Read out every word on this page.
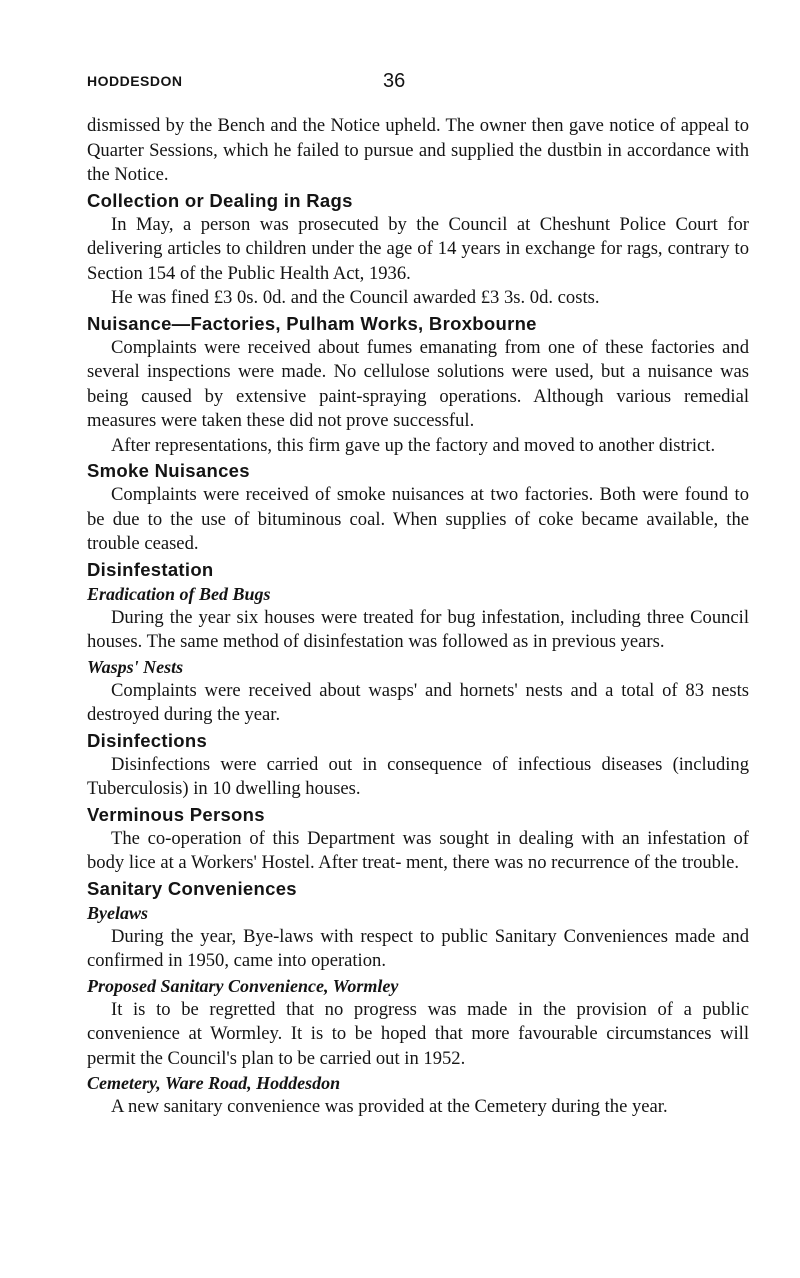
HODDESDON	36

dismissed by the Bench and the Notice upheld. The owner then gave notice of appeal to Quarter Sessions, which he failed to pursue and supplied the dustbin in accordance with the Notice.

Collection or Dealing in Rags

In May, a person was prosecuted by the Council at Cheshunt Police Court for delivering articles to children under the age of 14 years in exchange for rags, contrary to Section 154 of the Public Health Act, 1936.

He was fined £3 0s. 0d. and the Council awarded £3 3s. 0d. costs.

Nuisance—Factories, Pulham Works, Broxbourne

Complaints were received about fumes emanating from one of these factories and several inspections were made. No cellulose solutions were used, but a nuisance was being caused by extensive paint-spraying operations. Although various remedial measures were taken these did not prove successful.

After representations, this firm gave up the factory and moved to another district.

Smoke Nuisances

Complaints were received of smoke nuisances at two factories. Both were found to be due to the use of bituminous coal. When supplies of coke became available, the trouble ceased.

Disinfestation
Eradication of Bed Bugs

During the year six houses were treated for bug infestation, including three Council houses. The same method of disinfestation was followed as in previous years.

Wasps' Nests

Complaints were received about wasps' and hornets' nests and a total of 83 nests destroyed during the year.

Disinfections

Disinfections were carried out in consequence of infectious diseases (including Tuberculosis) in 10 dwelling houses.

Verminous Persons

The co-operation of this Department was sought in dealing with an infestation of body lice at a Workers' Hostel. After treat- ment, there was no recurrence of the trouble.

Sanitary Conveniences
Byelaws

During the year, Bye-laws with respect to public Sanitary Conveniences made and confirmed in 1950, came into operation.

Proposed Sanitary Convenience, Wormley

It is to be regretted that no progress was made in the provision of a public convenience at Wormley. It is to be hoped that more favourable circumstances will permit the Council's plan to be carried out in 1952.

Cemetery, Ware Road, Hoddesdon

A new sanitary convenience was provided at the Cemetery during the year.
